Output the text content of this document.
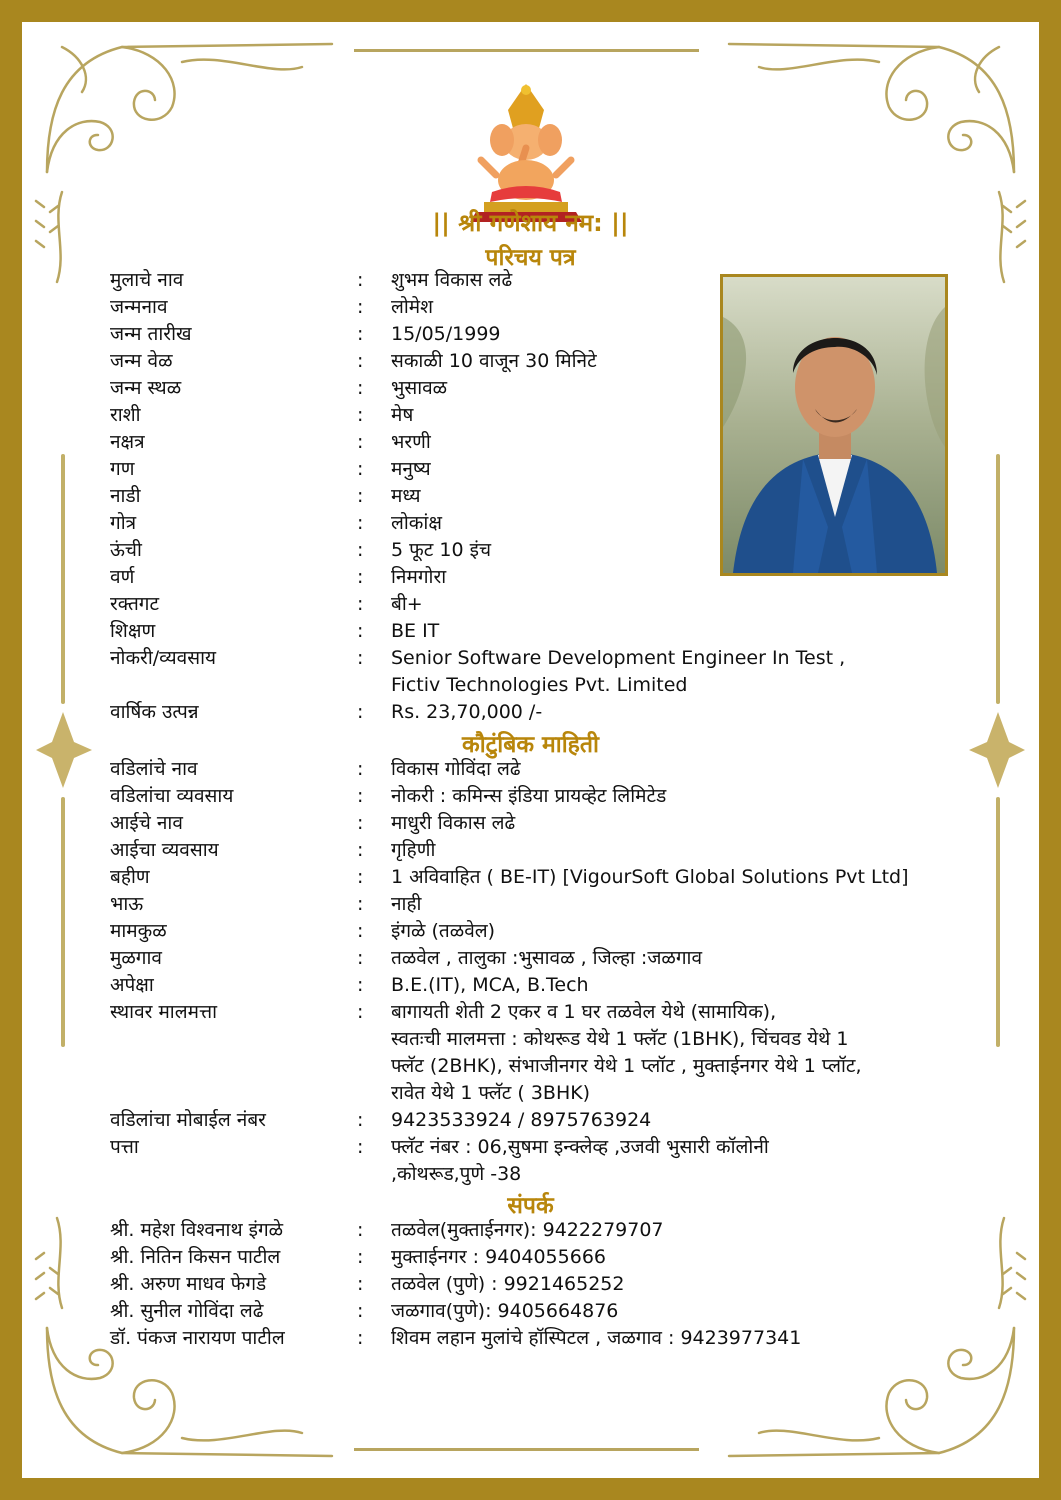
|| श्री गणेशाय नम: ||
परिचय पत्र
मुलाचे नाव	: शुभम विकास लढे
जन्मनाव	: लोमेश
जन्म तारीख	: 15/05/1999
जन्म वेळ	: सकाळी 10 वाजून 30 मिनिटे
जन्म स्थळ	: भुसावळ
राशी	: मेष
नक्षत्र	: भरणी
गण	: मनुष्य
नाडी	: मध्य
गोत्र	: लोकांक्ष
ऊंची	: 5 फूट 10 इंच
वर्ण	: निमगोरा
रक्तगट	: बी+
शिक्षण	: BE IT
नोकरी/व्यवसाय	: Senior Software Development Engineer In Test ,
Fictiv Technologies Pvt. Limited
वार्षिक उत्पन्न	: Rs. 23,70,000 /-
कौटुंबिक माहिती
वडिलांचे नाव	: विकास गोविंदा लढे
वडिलांचा व्यवसाय	: नोकरी : कमिन्स इंडिया प्रायव्हेट लिमिटेड
आईचे नाव	: माधुरी विकास लढे
आईचा व्यवसाय	: गृहिणी
बहीण	: 1 अविवाहित ( BE-IT) [VigourSoft Global Solutions Pvt Ltd]
भाऊ	: नाही
मामकुळ	: इंगळे (तळवेल)
मुळगाव	: तळवेल , तालुका :भुसावळ , जिल्हा :जळगाव
अपेक्षा	: B.E.(IT), MCA, B.Tech
स्थावर मालमत्ता	: बागायती शेती 2 एकर व 1 घर तळवेल येथे (सामायिक),
स्वतःची मालमत्ता : कोथरूड येथे 1 फ्लॅट (1BHK), चिंचवड येथे 1
फ्लॅट (2BHK), संभाजीनगर येथे 1 प्लॉट , मुक्ताईनगर येथे 1 प्लॉट,
रावेत येथे 1 फ्लॅट ( 3BHK)
वडिलांचा मोबाईल नंबर	: 9423533924 / 8975763924
पत्ता	: फ्लॅट नंबर : 06,सुषमा इन्क्लेव्ह ,उजवी भुसारी कॉलोनी
,कोथरूड,पुणे -38
संपर्क
श्री. महेश विश्वनाथ इंगळे	: तळवेल(मुक्ताईनगर): 9422279707
श्री. नितिन किसन पाटील	: मुक्ताईनगर : 9404055666
श्री. अरुण माधव फेगडे	: तळवेल (पुणे) : 9921465252
श्री. सुनील गोविंदा लढे	: जळगाव(पुणे): 9405664876
डॉ. पंकज नारायण पाटील	: शिवम लहान मुलांचे हॉस्पिटल , जळगाव : 9423977341
